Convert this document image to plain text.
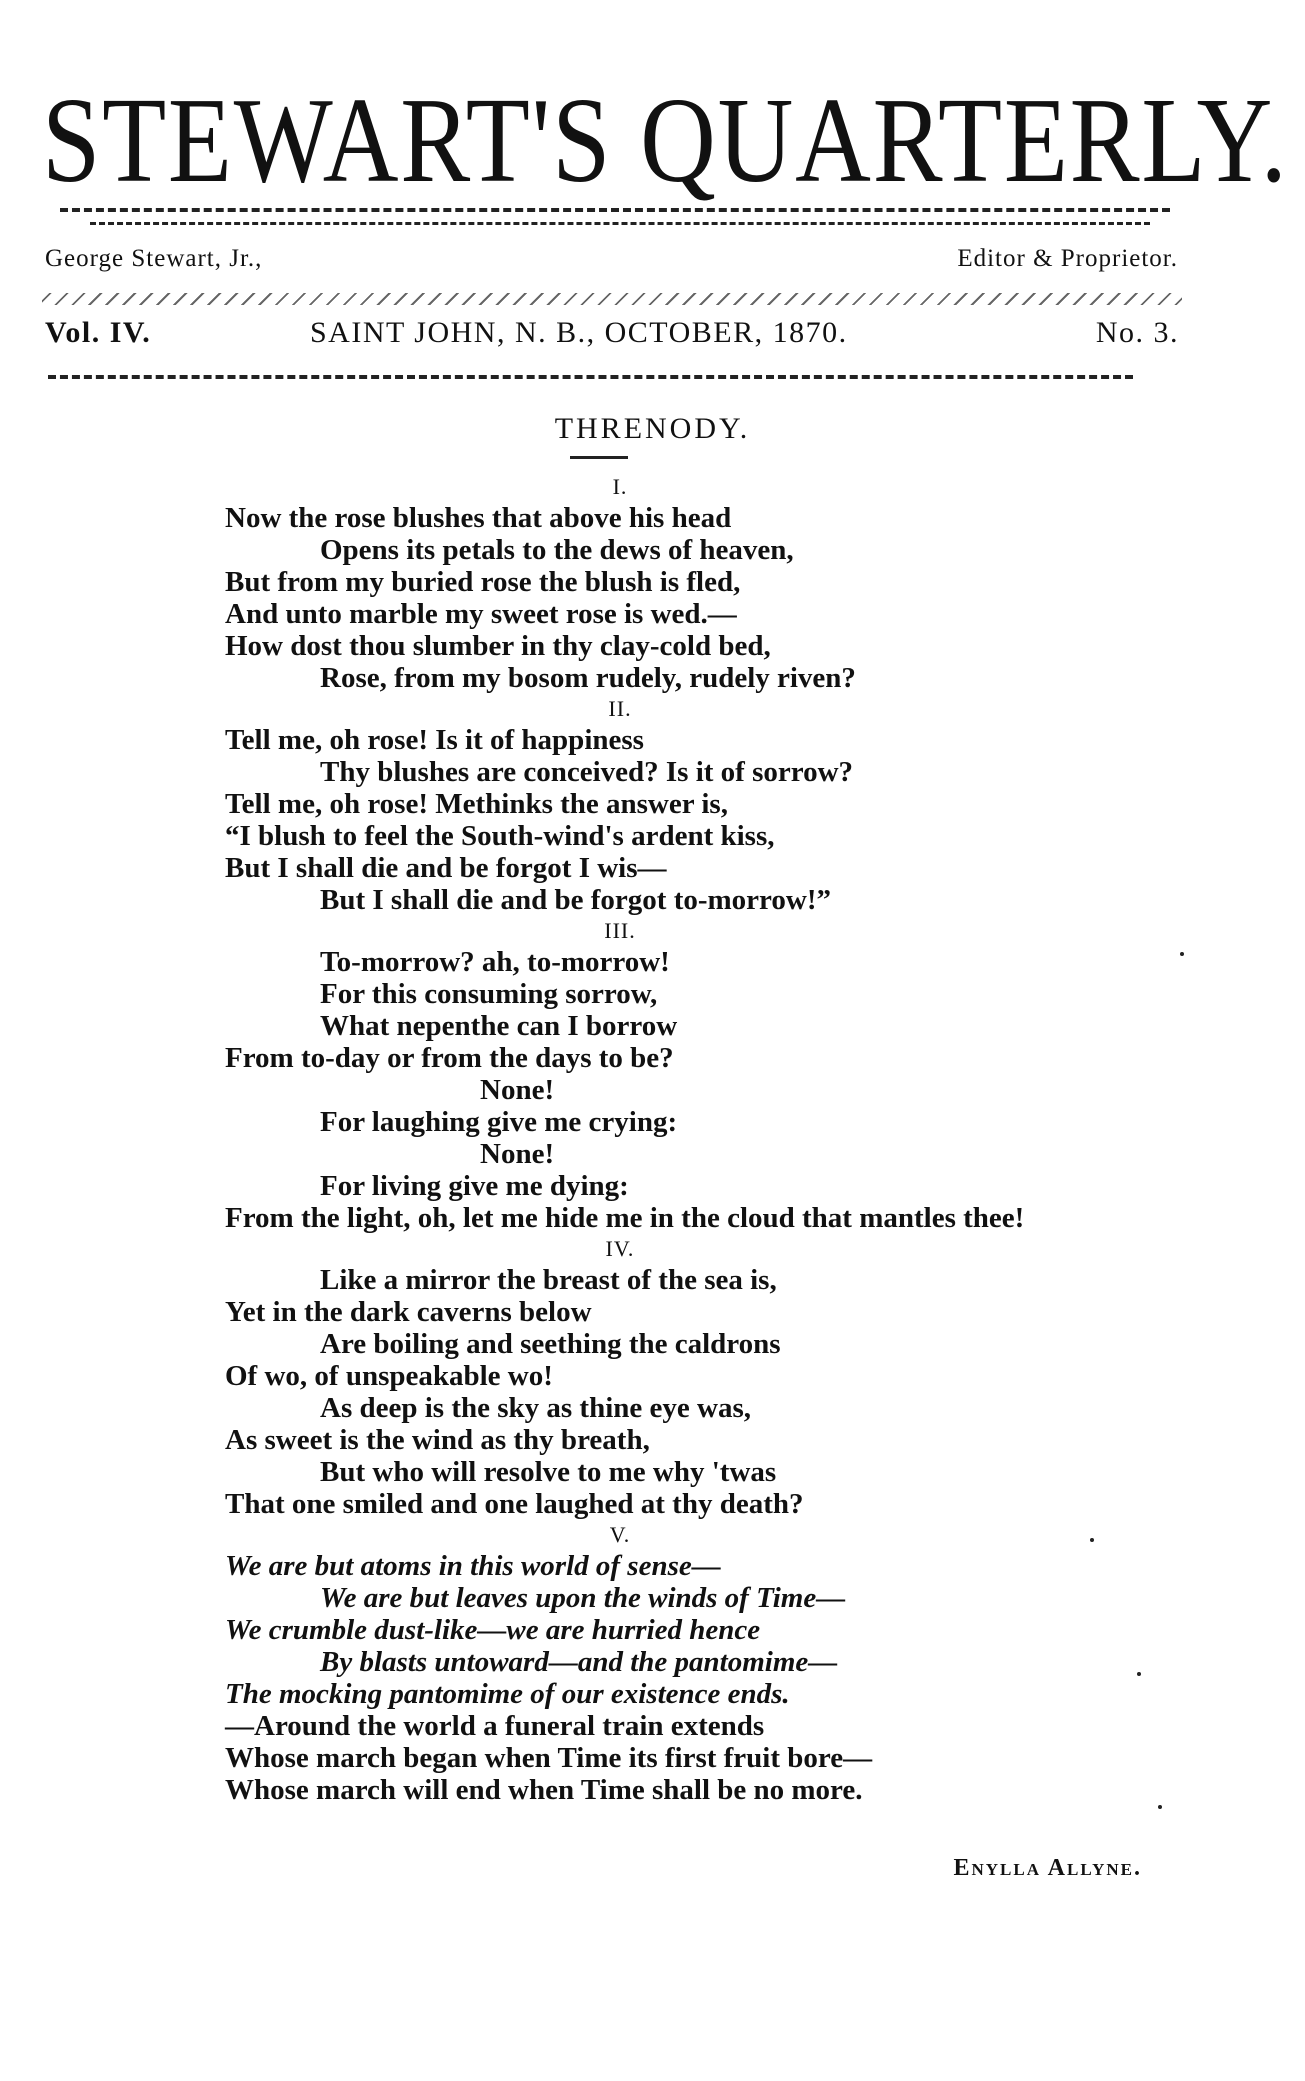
STEWART'S QUARTERLY.
George Stewart, Jr.,	Editor & Proprietor.
Vol. IV.	SAINT JOHN, N. B., OCTOBER, 1870.	No. 3.
THRENODY.
I.
Now the rose blushes that above his head
Opens its petals to the dews of heaven,
But from my buried rose the blush is fled,
And unto marble my sweet rose is wed.—
How dost thou slumber in thy clay-cold bed,
Rose, from my bosom rudely, rudely riven?
II.
Tell me, oh rose! Is it of happiness
Thy blushes are conceived? Is it of sorrow?
Tell me, oh rose! Methinks the answer is,
“I blush to feel the South-wind's ardent kiss,
But I shall die and be forgot I wis—
But I shall die and be forgot to-morrow!”
III.
To-morrow? ah, to-morrow!
For this consuming sorrow,
What nepenthe can I borrow
From to-day or from the days to be?
None!
For laughing give me crying:
None!
For living give me dying:
From the light, oh, let me hide me in the cloud that mantles thee!
IV.
Like a mirror the breast of the sea is,
Yet in the dark caverns below
Are boiling and seething the caldrons
Of wo, of unspeakable wo!
As deep is the sky as thine eye was,
As sweet is the wind as thy breath,
But who will resolve to me why 'twas
That one smiled and one laughed at thy death?
V.
We are but atoms in this world of sense—
We are but leaves upon the winds of Time—
We crumble dust-like—we are hurried hence
By blasts untoward—and the pantomime—
The mocking pantomime of our existence ends.
—Around the world a funeral train extends
Whose march began when Time its first fruit bore—
Whose march will end when Time shall be no more.
Enylla Allyne.
